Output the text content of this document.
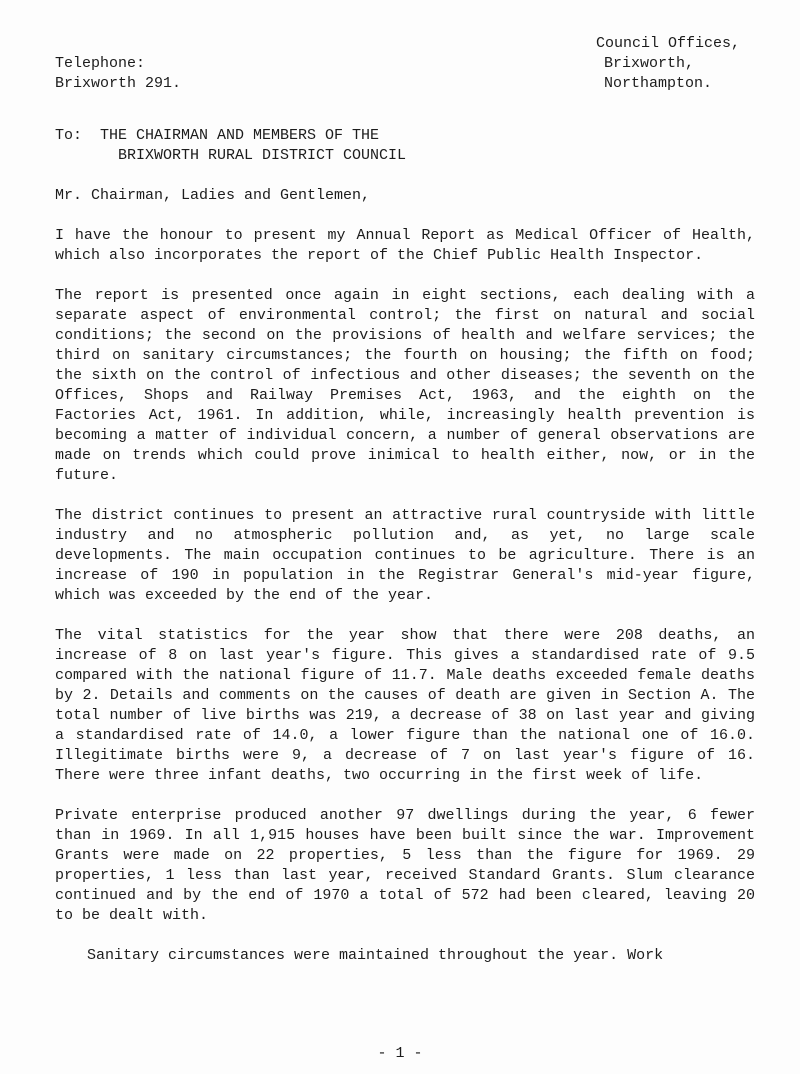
Telephone:
Brixworth 291.
Council Offices,
Brixworth,
Northampton.
To:  THE CHAIRMAN AND MEMBERS OF THE
BRIXWORTH RURAL DISTRICT COUNCIL
Mr. Chairman, Ladies and Gentlemen,

I have the honour to present my Annual Report as Medical Officer of Health, which also incorporates the report of the Chief Public Health Inspector.

The report is presented once again in eight sections, each dealing with a separate aspect of environmental control; the first on natural and social conditions; the second on the provisions of health and welfare services; the third on sanitary circumstances; the fourth on housing; the fifth on food; the sixth on the control of infectious and other diseases; the seventh on the Offices, Shops and Railway Premises Act, 1963, and the eighth on the Factories Act, 1961. In addition, while, increasingly health prevention is becoming a matter of individual concern, a number of general observations are made on trends which could prove inimical to health either, now, or in the future.

The district continues to present an attractive rural countryside with little industry and no atmospheric pollution and, as yet, no large scale developments. The main occupation continues to be agriculture. There is an increase of 190 in population in the Registrar General's mid-year figure, which was exceeded by the end of the year.

The vital statistics for the year show that there were 208 deaths, an increase of 8 on last year's figure. This gives a standardised rate of 9.5 compared with the national figure of 11.7. Male deaths exceeded female deaths by 2. Details and comments on the causes of death are given in Section A. The total number of live births was 219, a decrease of 38 on last year and giving a standardised rate of 14.0, a lower figure than the national one of 16.0. Illegitimate births were 9, a decrease of 7 on last year's figure of 16. There were three infant deaths, two occurring in the first week of life.

Private enterprise produced another 97 dwellings during the year, 6 fewer than in 1969. In all 1,915 houses have been built since the war. Improvement Grants were made on 22 properties, 5 less than the figure for 1969. 29 properties, 1 less than last year, received Standard Grants. Slum clearance continued and by the end of 1970 a total of 572 had been cleared, leaving 20 to be dealt with.

Sanitary circumstances were maintained throughout the year. Work

- 1 -
